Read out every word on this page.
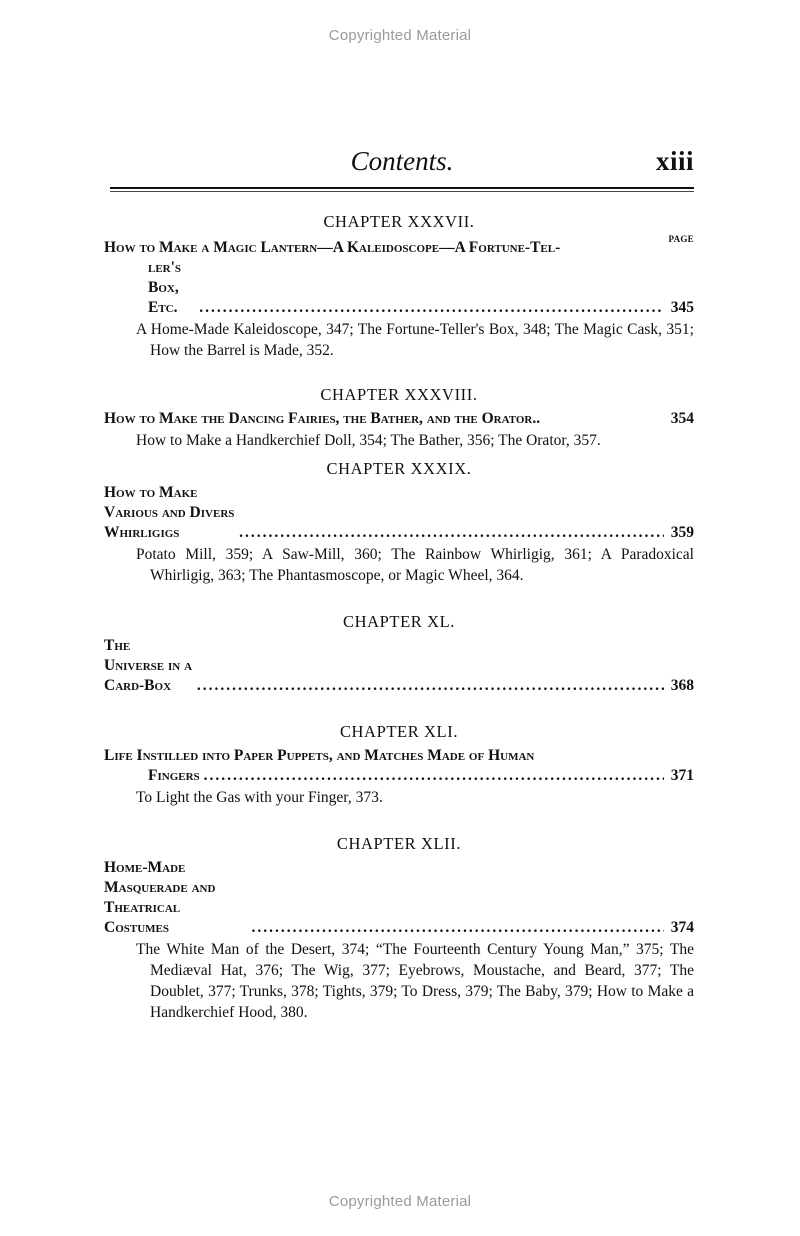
Copyrighted Material
Contents.	xiii
CHAPTER XXXVII.
PAGE
How to Make a Magic Lantern—A Kaleidoscope—A Fortune-Tel-
ler's Box, Etc. .....	345
A Home-Made Kaleidoscope, 347; The Fortune-Teller's Box, 348; The Magic Cask, 351; How the Barrel is Made, 352.
CHAPTER XXXVIII.
How to Make the Dancing Fairies, the Bather, and the Orator..	354
How to Make a Handkerchief Doll, 354; The Bather, 356; The Orator, 357.
CHAPTER XXXIX.
How to Make Various and Divers Whirligigs .....	359
Potato Mill, 359; A Saw-Mill, 360; The Rainbow Whirligig, 361; A Paradoxical Whirligig, 363; The Phantasmoscope, or Magic Wheel, 364.
CHAPTER XL.
The Universe in a Card-Box .....	368
CHAPTER XLI.
Life Instilled into Paper Puppets, and Matches Made of Human
Fingers .....	371
To Light the Gas with your Finger, 373.
CHAPTER XLII.
Home-Made Masquerade and Theatrical Costumes .....	374
The White Man of the Desert, 374; “The Fourteenth Century Young Man,” 375; The Mediæval Hat, 376; The Wig, 377; Eyebrows, Moustache, and Beard, 377; The Doublet, 377; Trunks, 378; Tights, 379; To Dress, 379; The Baby, 379; How to Make a Handkerchief Hood, 380.
Copyrighted Material
